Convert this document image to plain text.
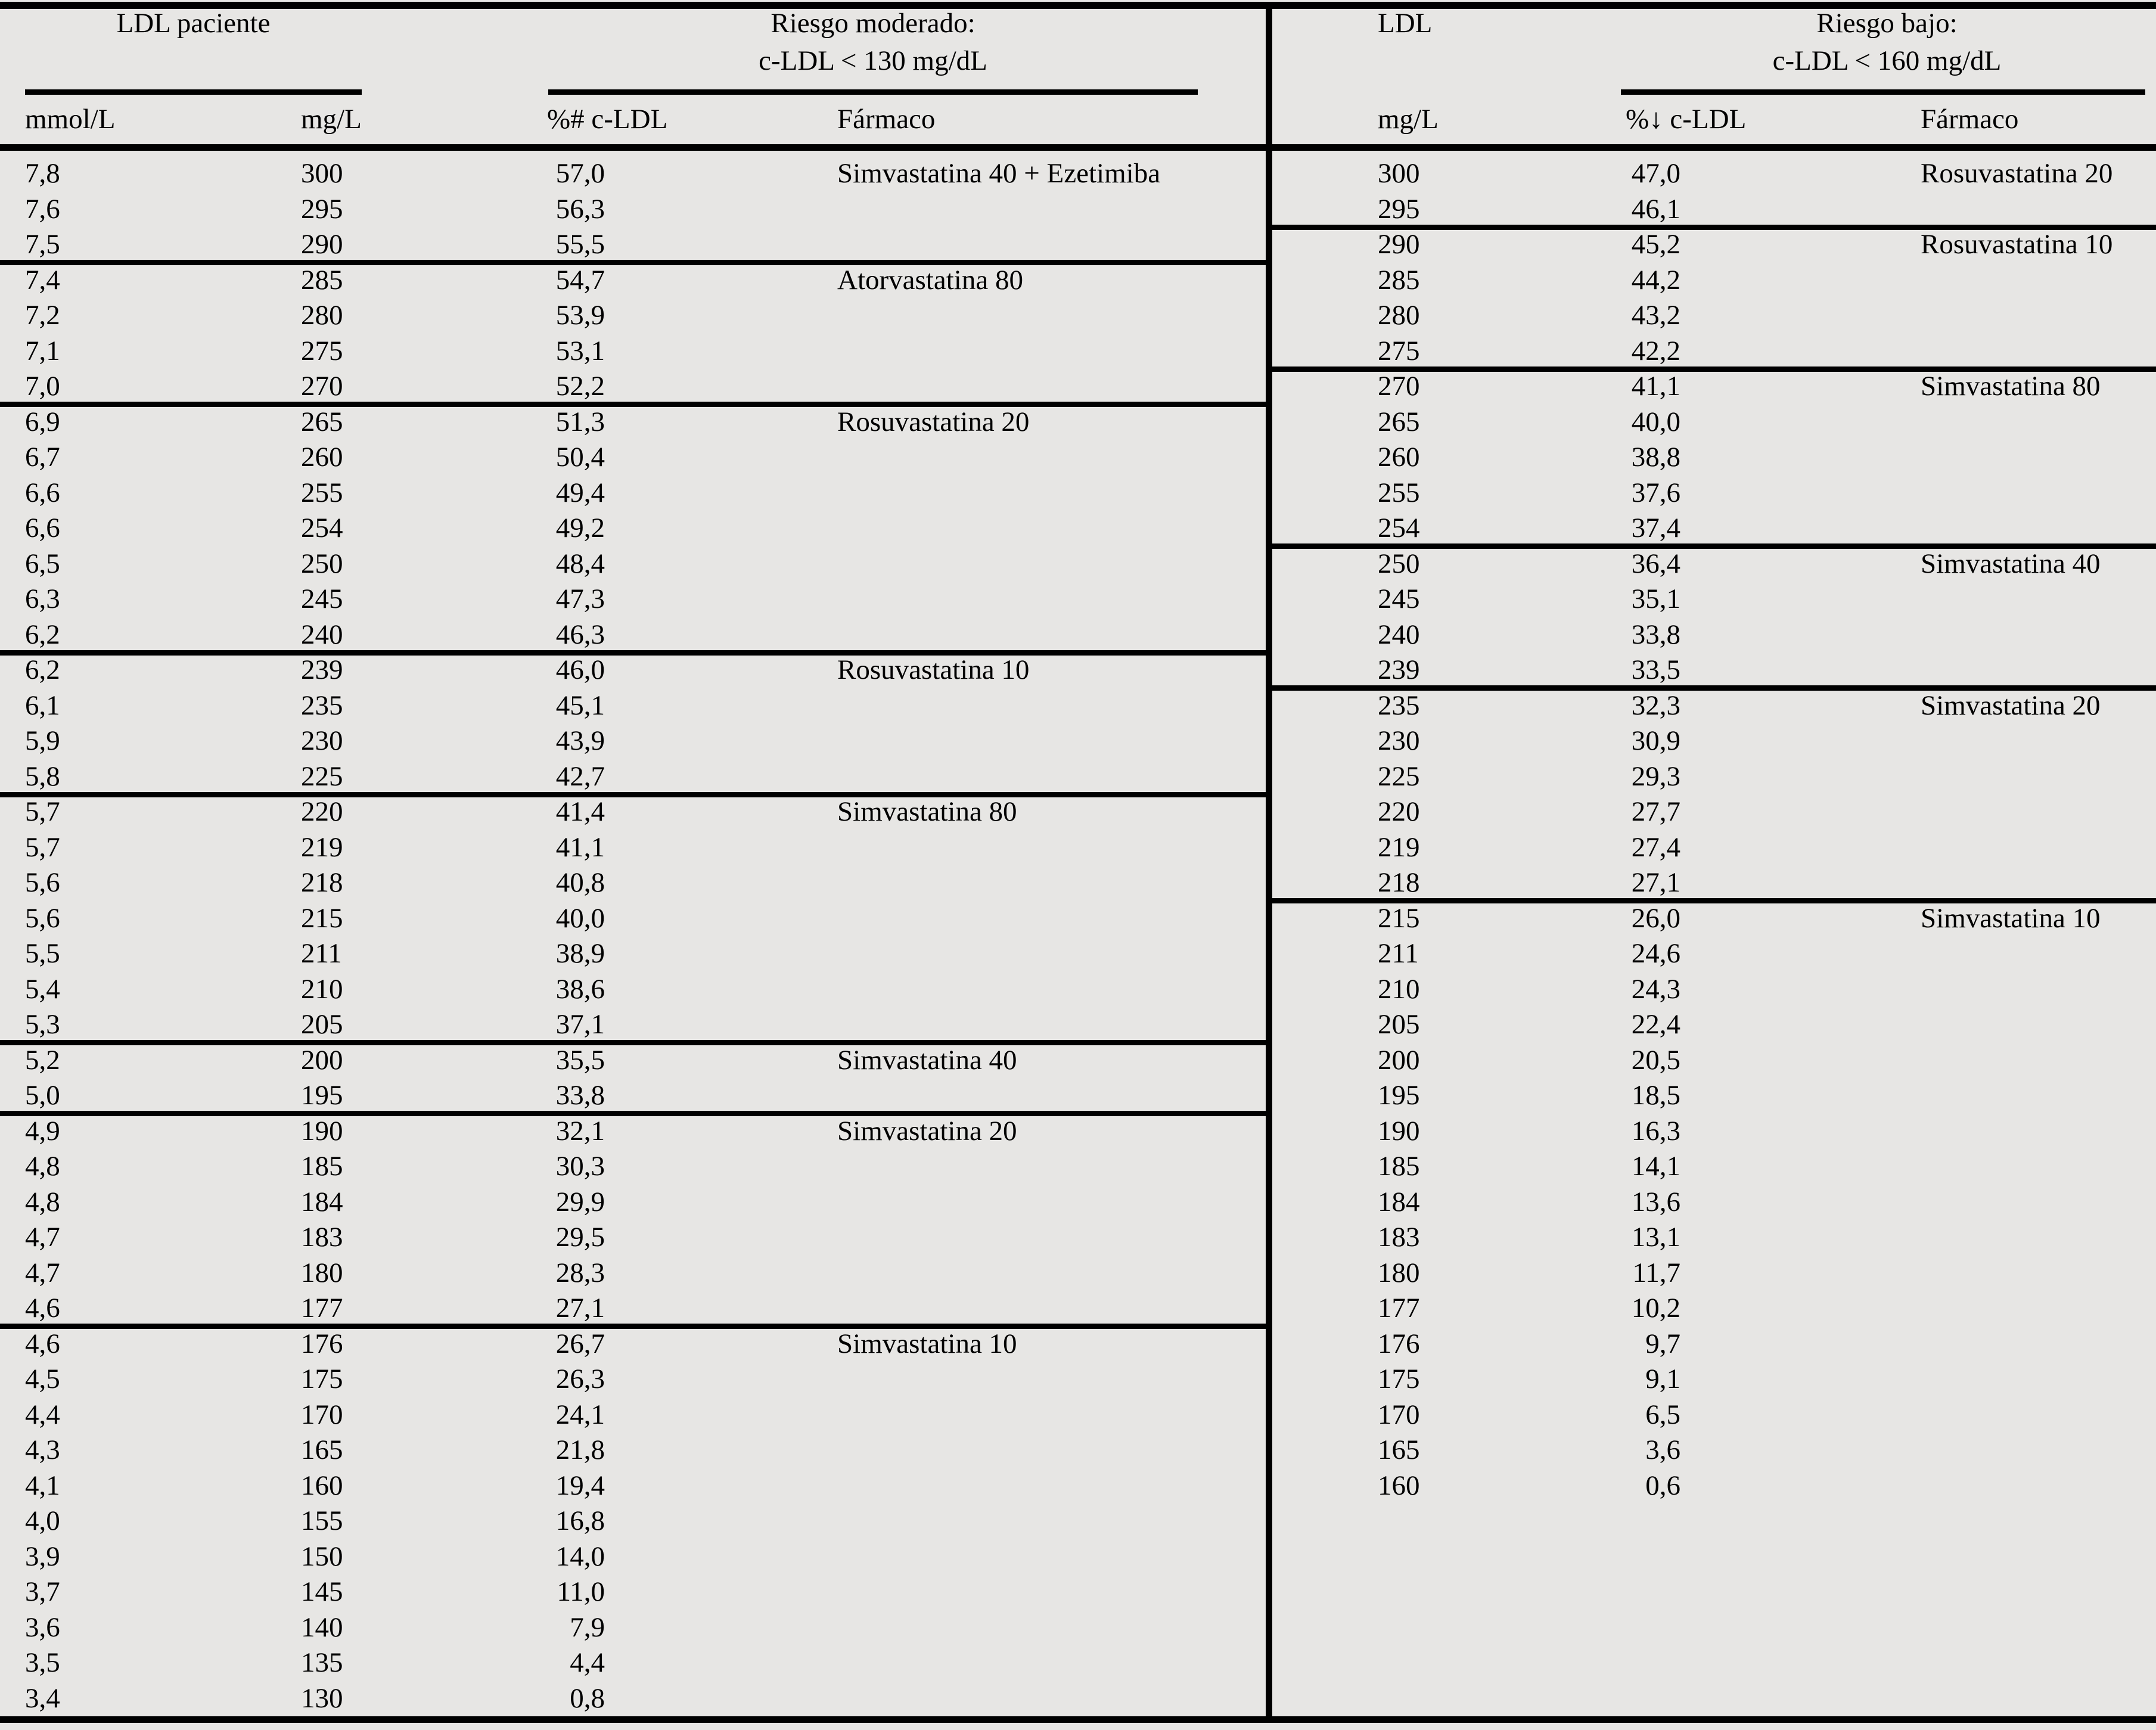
LDL paciente	Riesgo moderado:
c-LDL < 130 mg/dL
mmol/L	mg/L	%# c-LDL	Fármaco
7,8	300	57,0	Simvastatina 40 + Ezetimiba
7,6	295	56,3
7,5	290	55,5
7,4	285	54,7	Atorvastatina 80
7,2	280	53,9
7,1	275	53,1
7,0	270	52,2
6,9	265	51,3	Rosuvastatina 20
6,7	260	50,4
6,6	255	49,4
6,6	254	49,2
6,5	250	48,4
6,3	245	47,3
6,2	240	46,3
6,2	239	46,0	Rosuvastatina 10
6,1	235	45,1
5,9	230	43,9
5,8	225	42,7
5,7	220	41,4	Simvastatina 80
5,7	219	41,1
5,6	218	40,8
5,6	215	40,0
5,5	211	38,9
5,4	210	38,6
5,3	205	37,1
5,2	200	35,5	Simvastatina 40
5,0	195	33,8
4,9	190	32,1	Simvastatina 20
4,8	185	30,3
4,8	184	29,9
4,7	183	29,5
4,7	180	28,3
4,6	177	27,1
4,6	176	26,7	Simvastatina 10
4,5	175	26,3
4,4	170	24,1
4,3	165	21,8
4,1	160	19,4
4,0	155	16,8
3,9	150	14,0
3,7	145	11,0
3,6	140	7,9
3,5	135	4,4
3,4	130	0,8
LDL	Riesgo bajo:
c-LDL < 160 mg/dL
mg/L	%↓ c-LDL	Fármaco
300	47,0	Rosuvastatina 20
295	46,1
290	45,2	Rosuvastatina 10
285	44,2
280	43,2
275	42,2
270	41,1	Simvastatina 80
265	40,0
260	38,8
255	37,6
254	37,4
250	36,4	Simvastatina 40
245	35,1
240	33,8
239	33,5
235	32,3	Simvastatina 20
230	30,9
225	29,3
220	27,7
219	27,4
218	27,1
215	26,0	Simvastatina 10
211	24,6
210	24,3
205	22,4
200	20,5
195	18,5
190	16,3
185	14,1
184	13,6
183	13,1
180	11,7
177	10,2
176	9,7
175	9,1
170	6,5
165	3,6
160	0,6
